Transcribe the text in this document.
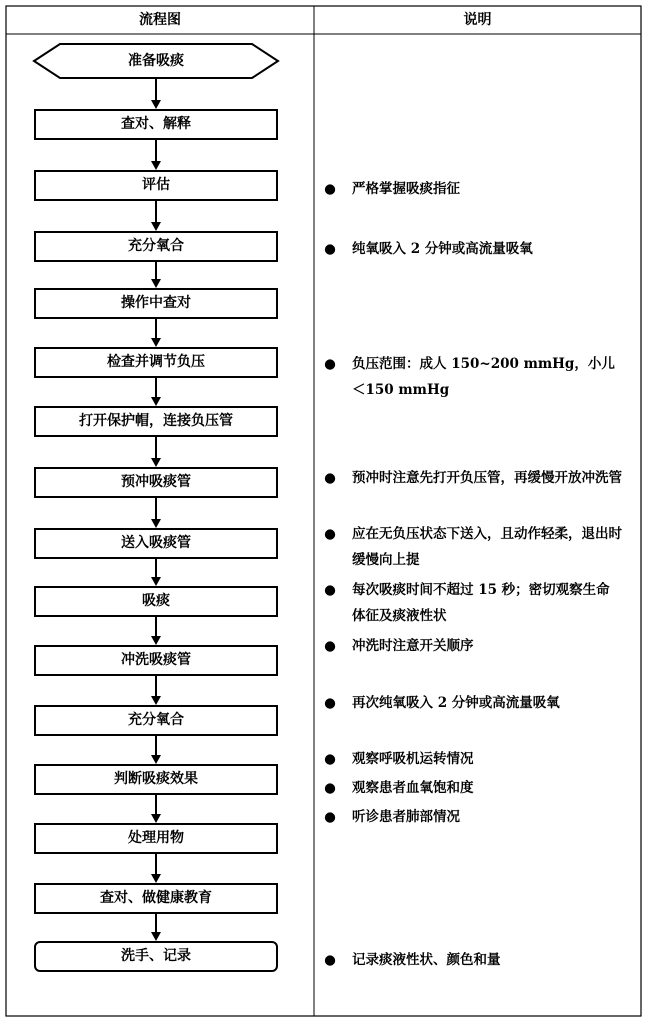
流程图	说明
准备吸痰
查对、解释
评估
充分氧合
操作中查对
检查并调节负压
打开保护帽，连接负压管
预冲吸痰管
送入吸痰管
吸痰
冲洗吸痰管
充分氧合
判断吸痰效果
处理用物
查对、做健康教育
洗手、记录
● 严格掌握吸痰指征
● 纯氧吸入 2 分钟或高流量吸氧
● 负压范围：成人 150~200 mmHg，小儿＜150 mmHg
● 预冲时注意先打开负压管，再缓慢开放冲洗管
● 应在无负压状态下送入，且动作轻柔，退出时缓慢向上提
● 每次吸痰时间不超过 15 秒；密切观察生命体征及痰液性状
● 冲洗时注意开关顺序
● 再次纯氧吸入 2 分钟或高流量吸氧
● 观察呼吸机运转情况
● 观察患者血氧饱和度
● 听诊患者肺部情况
● 记录痰液性状、颜色和量
